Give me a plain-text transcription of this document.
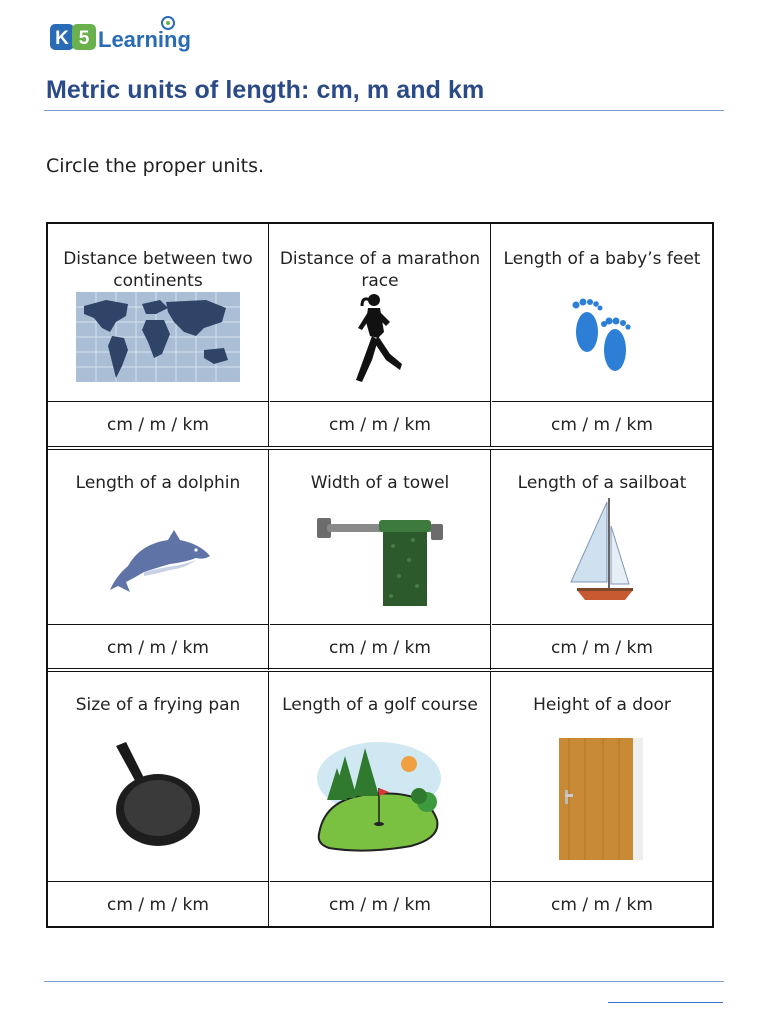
K 5 Learning
Metric units of length: cm, m and km
Circle the proper units.
Distance between two continents
cm / m / km
Distance of a marathon race
cm / m / km
Length of a baby’s feet
cm / m / km
Length of a dolphin
cm / m / km
Width of a towel
cm / m / km
Length of a sailboat
cm / m / km
Size of a frying pan
cm / m / km
Length of a golf course
cm / m / km
Height of a door
cm / m / km
